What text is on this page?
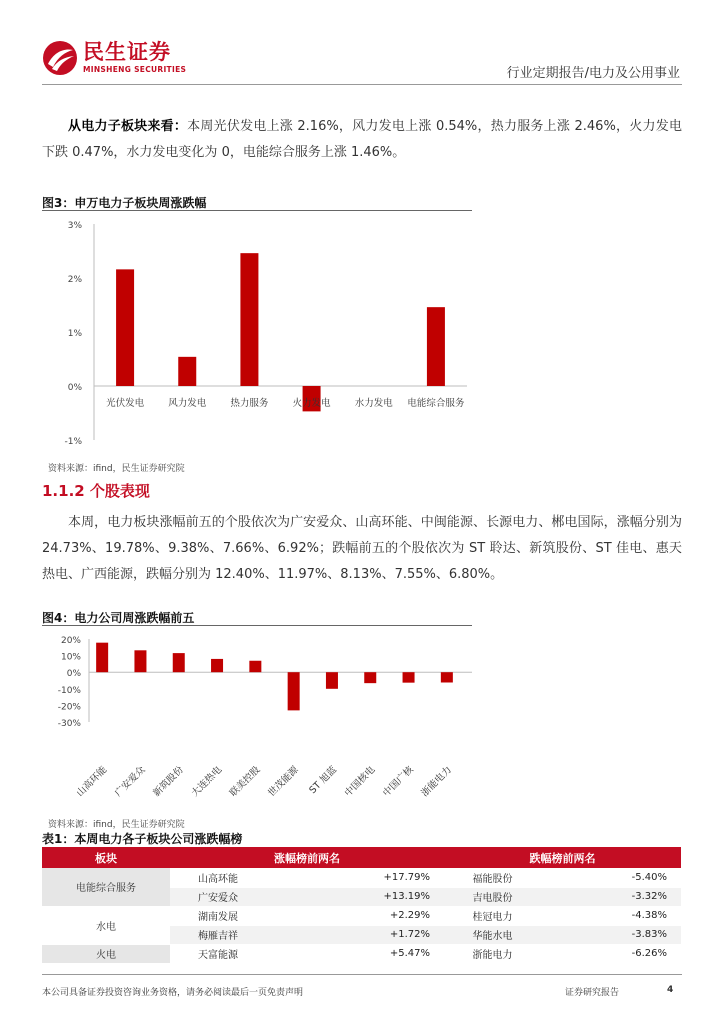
民生证券
MINSHENG SECURITIES	行业定期报告/电力及公用事业
从电力子板块来看：本周光伏发电上涨 2.16%，风力发电上涨 0.54%，热力服务上涨 2.46%，火力发电下跌 0.47%，水力发电变化为 0，电能综合服务上涨 1.46%。
图3：申万电力子板块周涨跌幅
3%
2%
1%
0%
-1%
光伏发电	风力发电	热力服务	火力发电	水力发电 电能综合服务
资料来源：ifind，民生证券研究院
1.1.2 个股表现
本周，电力板块涨幅前五的个股依次为广安爱众、山高环能、中闽能源、长源电力、郴电国际，涨幅分别为 24.73%、19.78%、9.38%、7.66%、6.92%；跌幅前五的个股依次为 ST 聆达、新筑股份、ST 佳电、惠天热电、广西能源，跌幅分别为 12.40%、11.97%、8.13%、7.55%、6.80%。
图4：电力公司周涨跌幅前五
20%
10%
0%
-10%
-20%
-30%
山高环能 广安爱众 新筑股份 大连热电 联美控股 世茂能源 ST 旭蓝 中国核电 中国广核 浙能电力
资料来源：ifind，民生证券研究院
表1：本周电力各子板块公司涨跌幅榜
板块	涨幅榜前两名		跌幅榜前两名	
电能综合服务	山高环能	+17.79%	福能股份	-5.40%
	广安爱众	+13.19%	吉电股份	-3.32%
水电	湖南发展	+2.29%	桂冠电力	-4.38%
	梅雁吉祥	+1.72%	华能水电	-3.83%
火电	天富能源	+5.47%	浙能电力	-6.26%
本公司具备证券投资咨询业务资格，请务必阅读最后一页免责声明	证券研究报告	4
